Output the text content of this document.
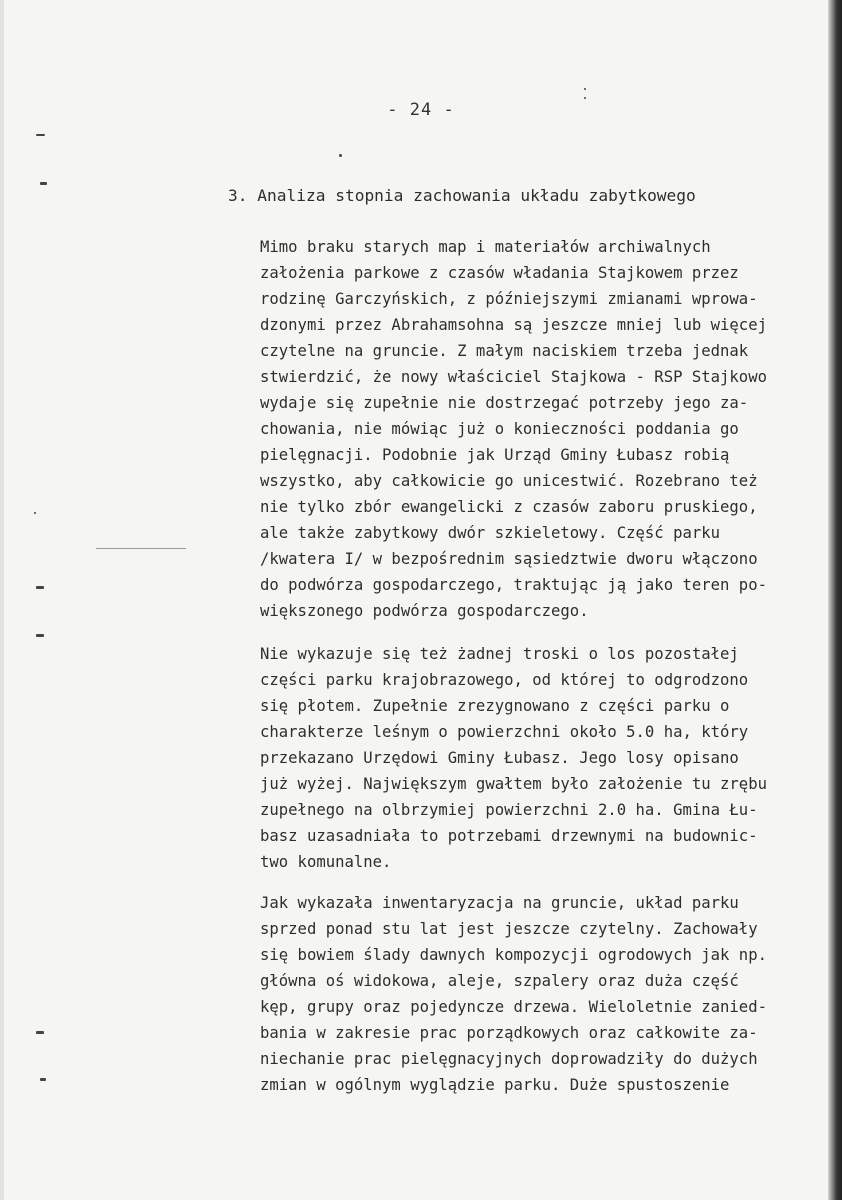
- 24 -
3. Analiza stopnia zachowania układu zabytkowego
Mimo braku starych map i materiałów archiwalnych
założenia parkowe z czasów władania Stajkowem przez
rodzinę Garczyńskich, z późniejszymi zmianami wprowa-
dzonymi przez Abrahamsohna są jeszcze mniej lub więcej
czytelne na gruncie. Z małym naciskiem trzeba jednak
stwierdzić, że nowy właściciel Stajkowa - RSP Stajkowo
wydaje się zupełnie nie dostrzegać potrzeby jego za-
chowania, nie mówiąc już o konieczności poddania go
pielęgnacji. Podobnie jak Urząd Gminy Łubasz robią
wszystko, aby całkowicie go unicestwić. Rozebrano też
nie tylko zbór ewangelicki z czasów zaboru pruskiego,
ale także zabytkowy dwór szkieletowy. Część parku
/kwatera I/ w bezpośrednim sąsiedztwie dworu włączono
do podwórza gospodarczego, traktując ją jako teren po-
większonego podwórza gospodarczego.
Nie wykazuje się też żadnej troski o los pozostałej
części parku krajobrazowego, od której to odgrodzono
się płotem. Zupełnie zrezygnowano z części parku o
charakterze leśnym o powierzchni około 5.0 ha, który
przekazano Urzędowi Gminy Łubasz. Jego losy opisano
już wyżej. Największym gwałtem było założenie tu zrębu
zupełnego na olbrzymiej powierzchni 2.0 ha. Gmina Łu-
basz uzasadniała to potrzebami drzewnymi na budownic-
two komunalne.
Jak wykazała inwentaryzacja na gruncie, układ parku
sprzed ponad stu lat jest jeszcze czytelny. Zachowały
się bowiem ślady dawnych kompozycji ogrodowych jak np.
główna oś widokowa, aleje, szpalery oraz duża część
kęp, grupy oraz pojedyncze drzewa. Wieloletnie zanied-
bania w zakresie prac porządkowych oraz całkowite za-
niechanie prac pielęgnacyjnych doprowadziły do dużych
zmian w ogólnym wyglądzie parku. Duże spustoszenie
